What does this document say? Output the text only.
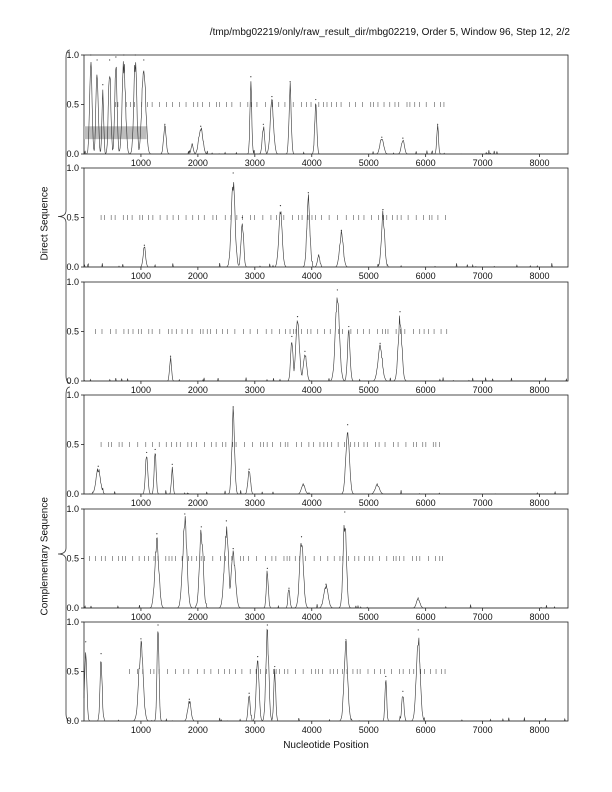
/tmp/mbg02219/only/raw_result_dir/mbg02219, Order 5, Window 96, Step 12, 2/2
Direct Sequence
Complementary Sequence
0.0
0.5
1.0
1000	2000	3000	4000	5000	6000	7000	8000
0.0
0.5
1.0
1000	2000	3000	4000	5000	6000	7000	8000
0.0
0.5
1.0
1000	2000	3000	4000	5000	6000	7000	8000
0.0
0.5
1.0
1000	2000	3000	4000	5000	6000	7000	8000
0.0
0.5
1.0
1000	2000	3000	4000	5000	6000	7000	8000
0.0
0.5
1.0
1000	2000	3000	4000	5000	6000	7000	8000
Nucleotide Position
